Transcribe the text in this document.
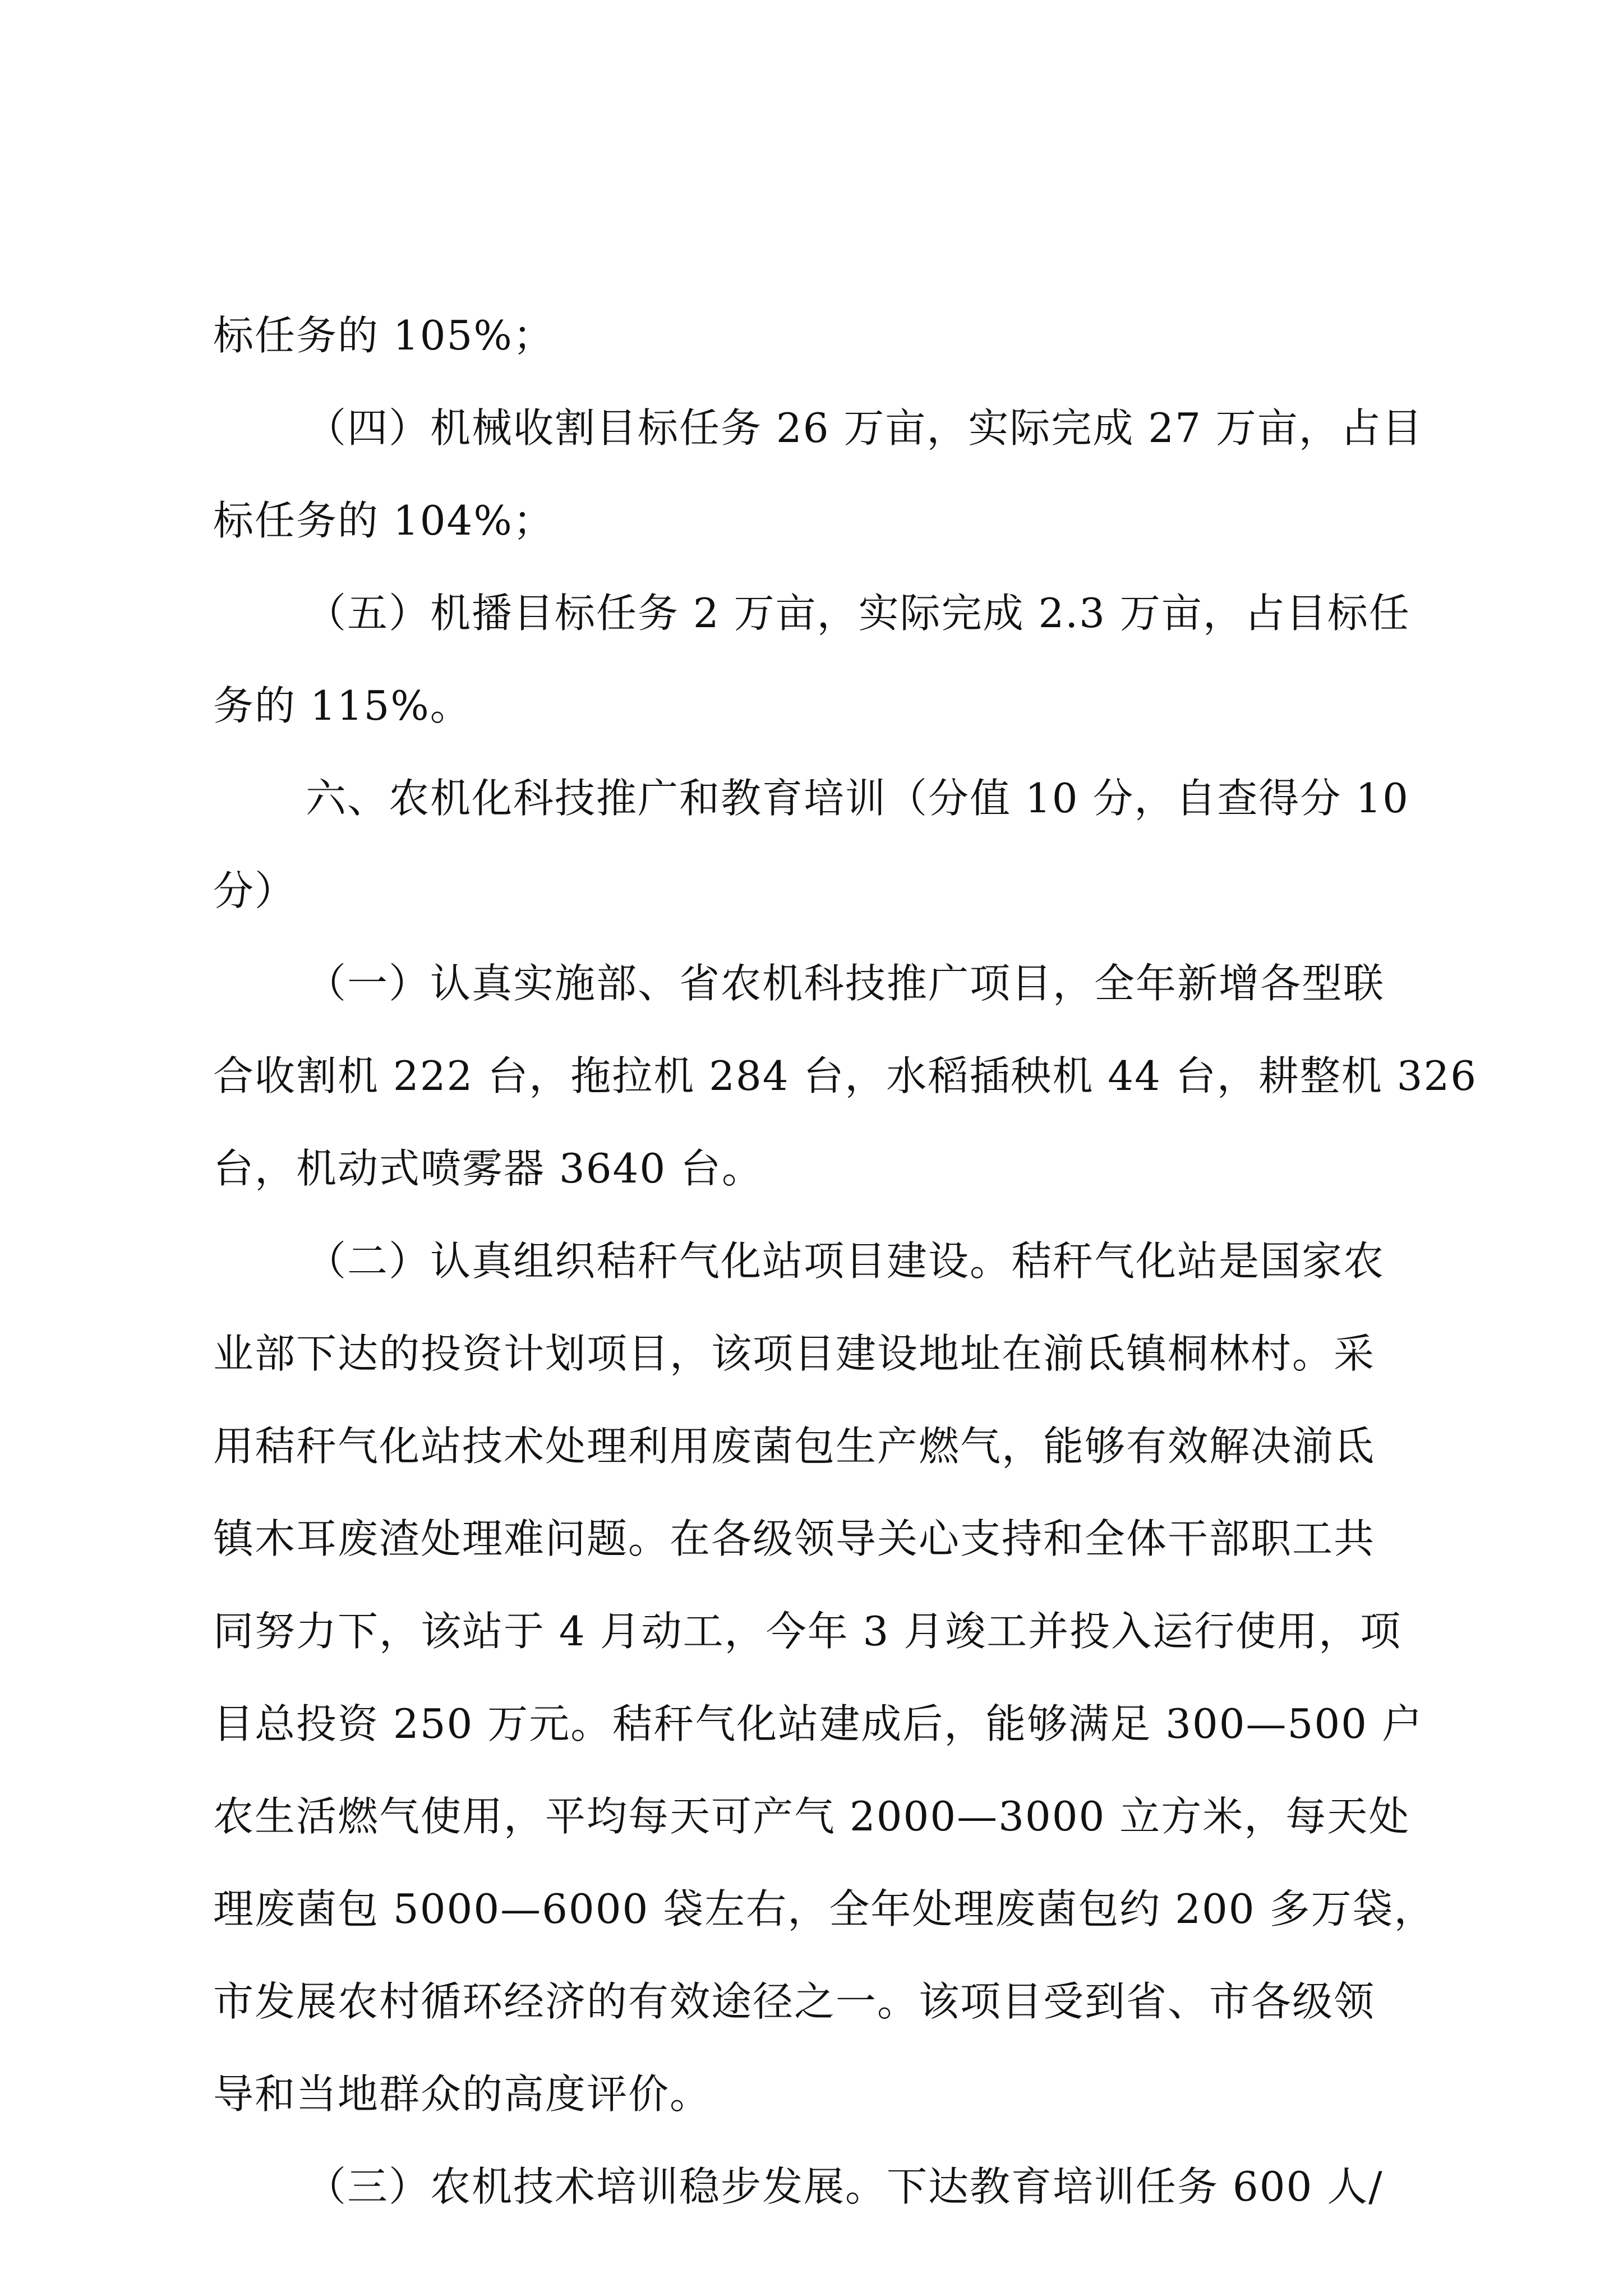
标任务的 105%；
（四）机械收割目标任务 26 万亩，实际完成 27 万亩，占目
标任务的 104%；
（五）机播目标任务 2 万亩，实际完成 2.3 万亩，占目标任
务的 115%。
六、农机化科技推广和教育培训（分值 10 分，自查得分 10
分）
（一）认真实施部、省农机科技推广项目，全年新增各型联
合收割机 222 台，拖拉机 284 台，水稻插秧机 44 台，耕整机 326
台，机动式喷雾器 3640 台。
（二）认真组织秸秆气化站项目建设。秸秆气化站是国家农
业部下达的投资计划项目，该项目建设地址在湔氐镇桐林村。采
用秸秆气化站技术处理利用废菌包生产燃气，能够有效解决湔氐
镇木耳废渣处理难问题。在各级领导关心支持和全体干部职工共
同努力下，该站于 4 月动工，今年 3 月竣工并投入运行使用，项
目总投资 250 万元。秸秆气化站建成后，能够满足 300—500 户
农生活燃气使用，平均每天可产气 2000—3000 立方米，每天处
理废菌包 5000—6000 袋左右，全年处理废菌包约 200 多万袋，
市发展农村循环经济的有效途径之一。该项目受到省、市各级领
导和当地群众的高度评价。
（三）农机技术培训稳步发展。下达教育培训任务 600 人/
